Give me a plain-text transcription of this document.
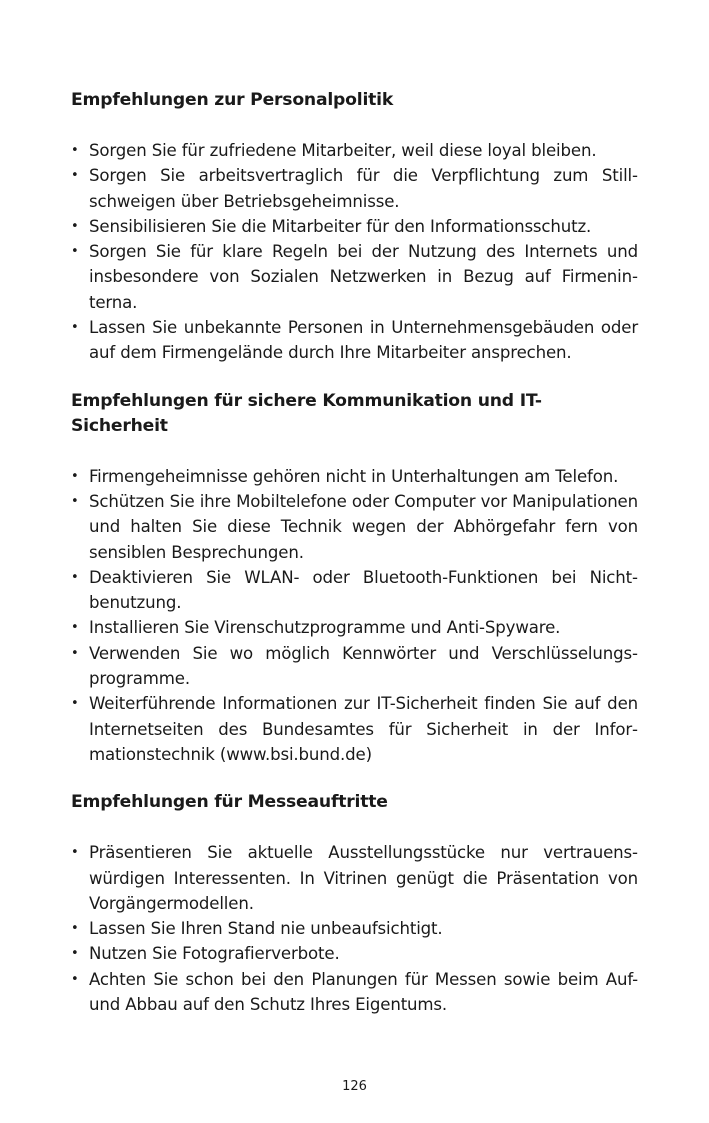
Empfehlungen zur Personalpolitik
• Sorgen Sie für zufriedene Mitarbeiter, weil diese loyal bleiben.
• Sorgen Sie arbeitsvertraglich für die Verpflichtung zum Stillschweigen über Betriebsgeheimnisse.
• Sensibilisieren Sie die Mitarbeiter für den Informationsschutz.
• Sorgen Sie für klare Regeln bei der Nutzung des Internets und insbesondere von Sozialen Netzwerken in Bezug auf Firmeninterna.
• Lassen Sie unbekannte Personen in Unternehmensgebäuden oder auf dem Firmengelände durch Ihre Mitarbeiter ansprechen.
Empfehlungen für sichere Kommunikation und IT-Sicherheit
• Firmengeheimnisse gehören nicht in Unterhaltungen am Telefon.
• Schützen Sie ihre Mobiltelefone oder Computer vor Manipulationen und halten Sie diese Technik wegen der Abhörgefahr fern von sensiblen Besprechungen.
• Deaktivieren Sie WLAN- oder Bluetooth-Funktionen bei Nichtbenutzung.
• Installieren Sie Virenschutzprogramme und Anti-Spyware.
• Verwenden Sie wo möglich Kennwörter und Verschlüsselungsprogramme.
• Weiterführende Informationen zur IT-Sicherheit finden Sie auf den Internetseiten des Bundesamtes für Sicherheit in der Informationstechnik (www.bsi.bund.de)
Empfehlungen für Messeauftritte
• Präsentieren Sie aktuelle Ausstellungsstücke nur vertrauenswürdigen Interessenten. In Vitrinen genügt die Präsentation von Vorgängermodellen.
• Lassen Sie Ihren Stand nie unbeaufsichtigt.
• Nutzen Sie Fotografierverbote.
• Achten Sie schon bei den Planungen für Messen sowie beim Auf- und Abbau auf den Schutz Ihres Eigentums.
126
